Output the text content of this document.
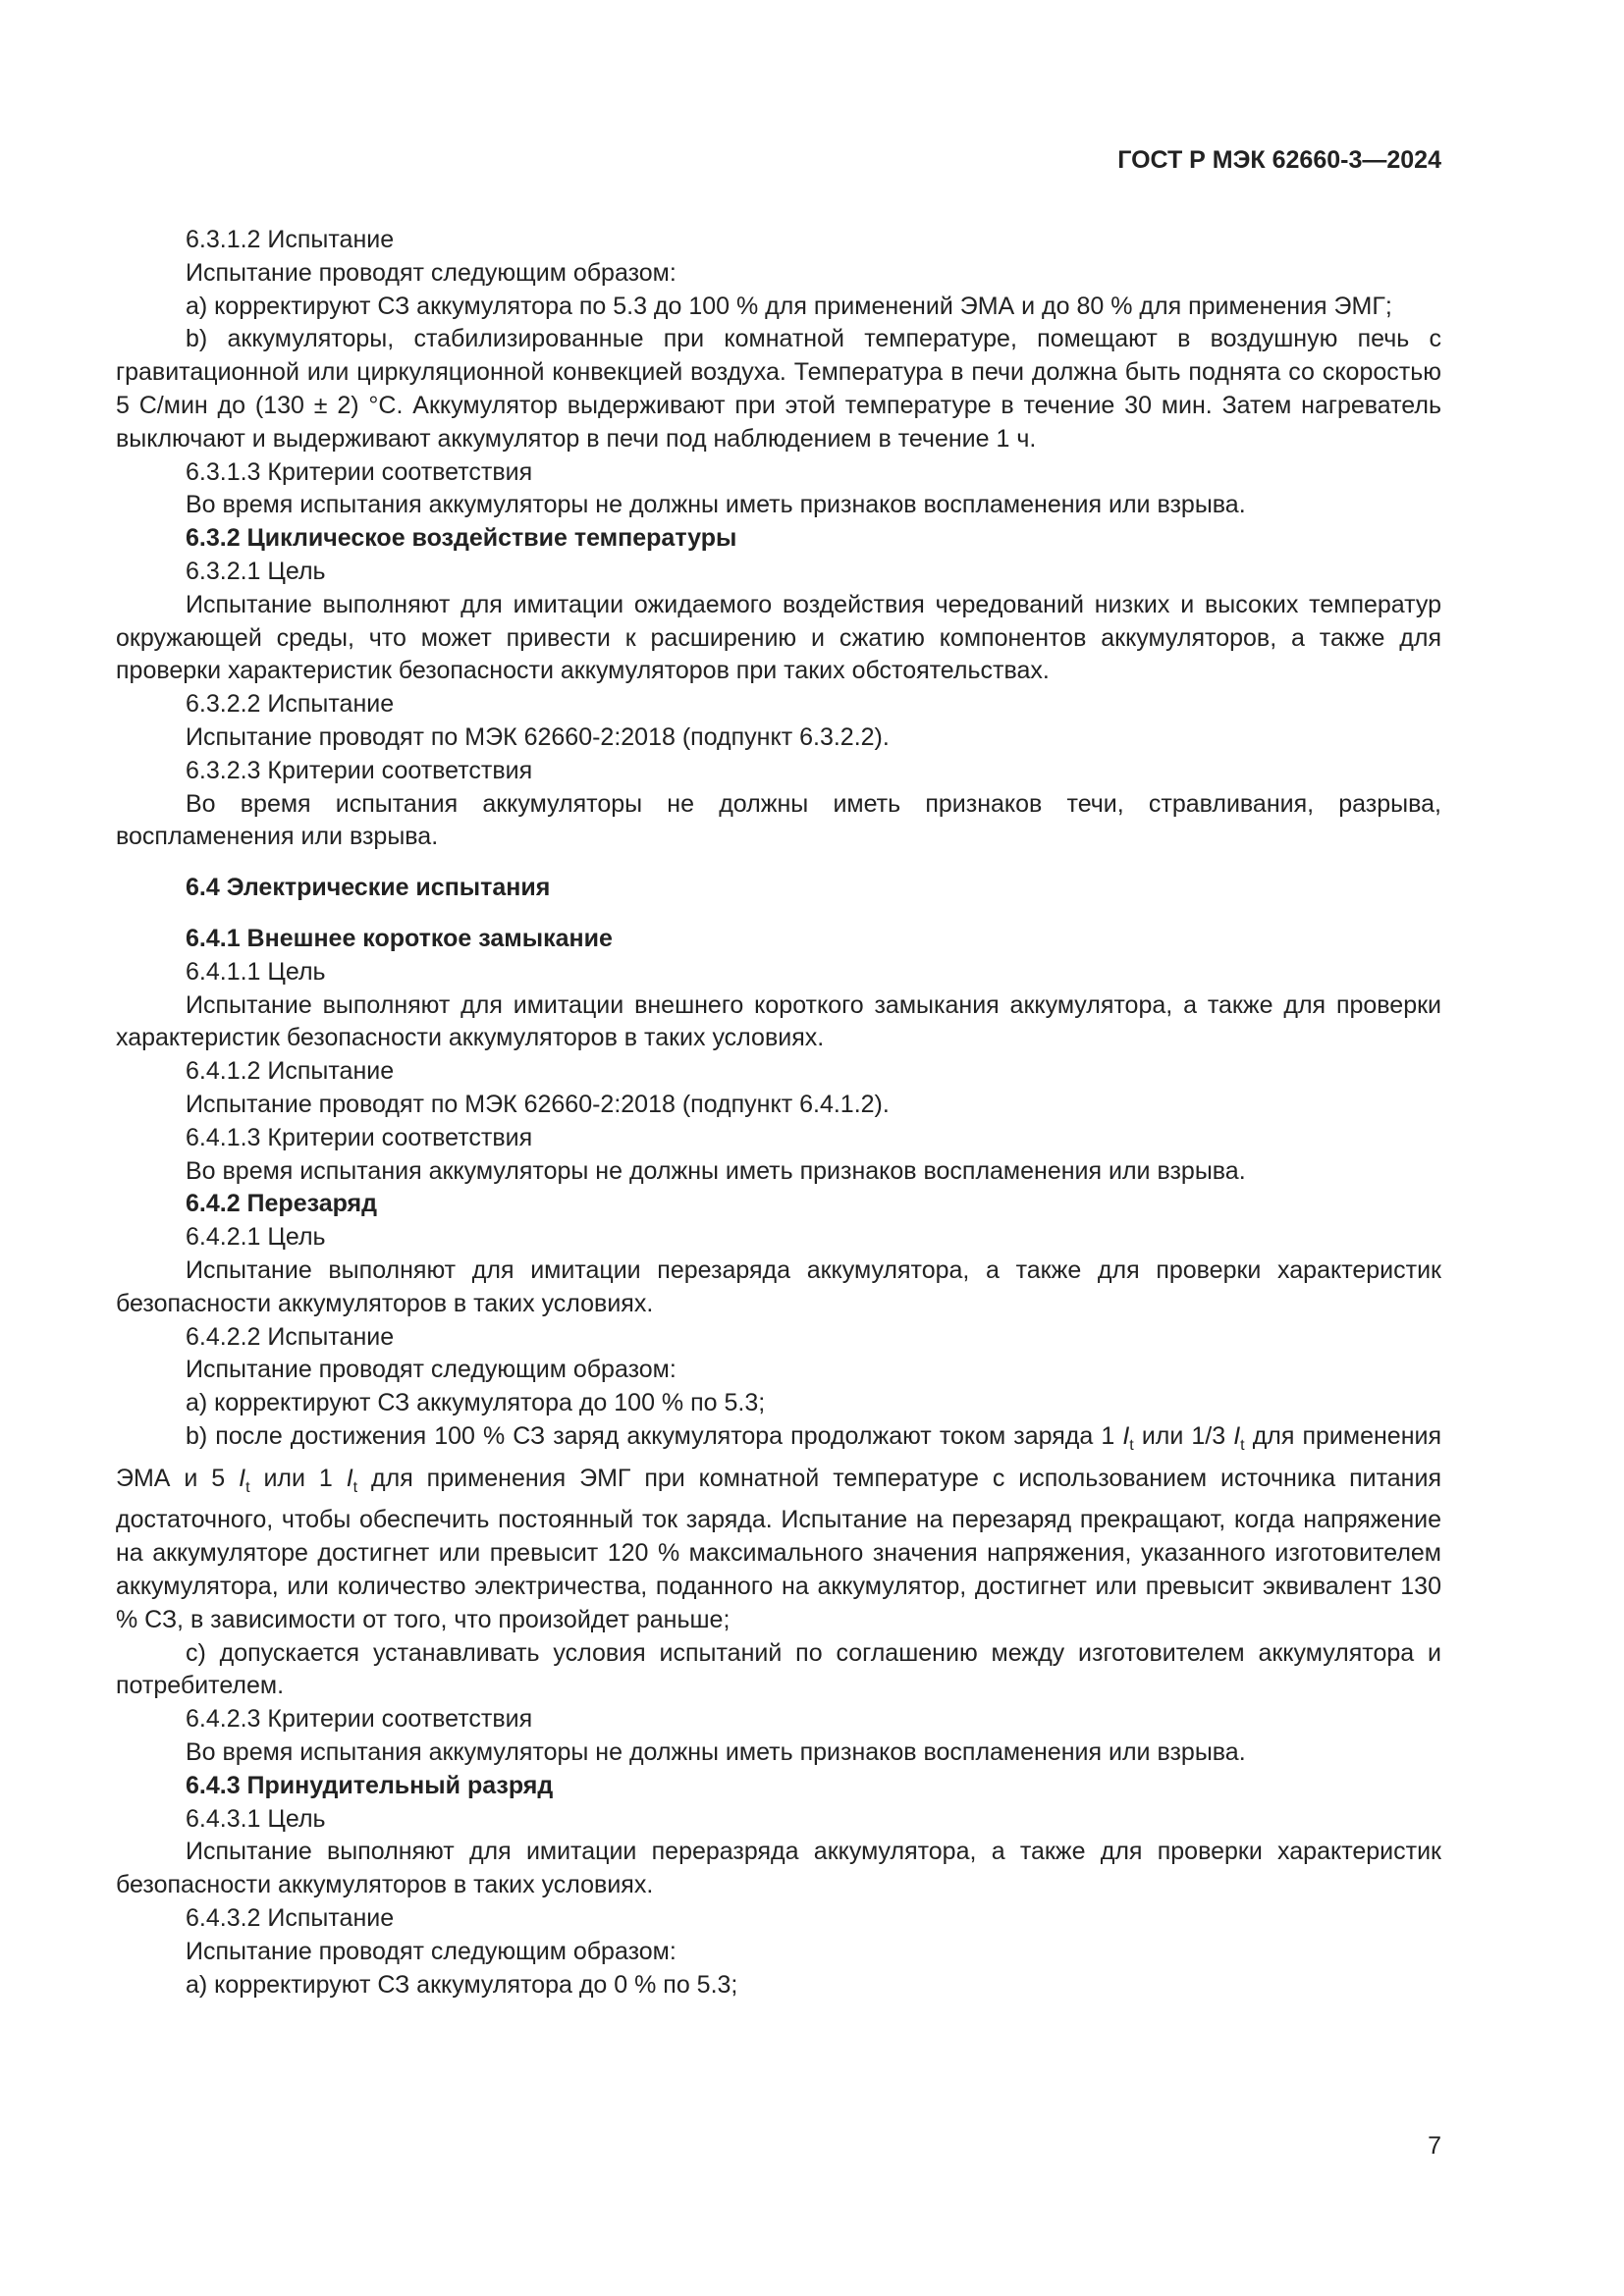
ГОСТ Р МЭК 62660-3—2024

6.3.1.2 Испытание

Испытание проводят следующим образом:

a) корректируют СЗ аккумулятора по 5.3 до 100 % для применений ЭМА и до 80 % для применения ЭМГ;

b) аккумуляторы, стабилизированные при комнатной температуре, помещают в воздушную печь с гравитационной или циркуляционной конвекцией воздуха. Температура в печи должна быть поднята со скоростью 5 С/мин до (130 ± 2) °С. Аккумулятор выдерживают при этой температуре в течение 30 мин. Затем нагреватель выключают и выдерживают аккумулятор в печи под наблюдением в течение 1 ч.

6.3.1.3 Критерии соответствия

Во время испытания аккумуляторы не должны иметь признаков воспламенения или взрыва.

6.3.2 Циклическое воздействие температуры

6.3.2.1 Цель

Испытание выполняют для имитации ожидаемого воздействия чередований низких и высоких температур окружающей среды, что может привести к расширению и сжатию компонентов аккумуляторов, а также для проверки характеристик безопасности аккумуляторов при таких обстоятельствах.

6.3.2.2 Испытание

Испытание проводят по МЭК 62660-2:2018 (подпункт 6.3.2.2).

6.3.2.3 Критерии соответствия

Во время испытания аккумуляторы не должны иметь признаков течи, стравливания, разрыва, воспламенения или взрыва.

6.4 Электрические испытания

6.4.1 Внешнее короткое замыкание

6.4.1.1 Цель

Испытание выполняют для имитации внешнего короткого замыкания аккумулятора, а также для проверки характеристик безопасности аккумуляторов в таких условиях.

6.4.1.2 Испытание

Испытание проводят по МЭК 62660-2:2018 (подпункт 6.4.1.2).

6.4.1.3 Критерии соответствия

Во время испытания аккумуляторы не должны иметь признаков воспламенения или взрыва.

6.4.2 Перезаряд

6.4.2.1 Цель

Испытание выполняют для имитации перезаряда аккумулятора, а также для проверки характеристик безопасности аккумуляторов в таких условиях.

6.4.2.2 Испытание

Испытание проводят следующим образом:

a) корректируют СЗ аккумулятора до 100 % по 5.3;

b) после достижения 100 % СЗ заряд аккумулятора продолжают током заряда 1 $I_t$ или 1/3 $I_t$ для применения ЭМА и 5 $I_t$ или 1 $I_t$ для применения ЭМГ при комнатной температуре с использованием источника питания достаточного, чтобы обеспечить постоянный ток заряда. Испытание на перезаряд прекращают, когда напряжение на аккумуляторе достигнет или превысит 120 % максимального значения напряжения, указанного изготовителем аккумулятора, или количество электричества, поданного на аккумулятор, достигнет или превысит эквивалент 130 % СЗ, в зависимости от того, что произойдет раньше;

c) допускается устанавливать условия испытаний по соглашению между изготовителем аккумулятора и потребителем.

6.4.2.3 Критерии соответствия

Во время испытания аккумуляторы не должны иметь признаков воспламенения или взрыва.

6.4.3 Принудительный разряд

6.4.3.1 Цель

Испытание выполняют для имитации переразряда аккумулятора, а также для проверки характеристик безопасности аккумуляторов в таких условиях.

6.4.3.2 Испытание

Испытание проводят следующим образом:

a) корректируют СЗ аккумулятора до 0 % по 5.3;

7
